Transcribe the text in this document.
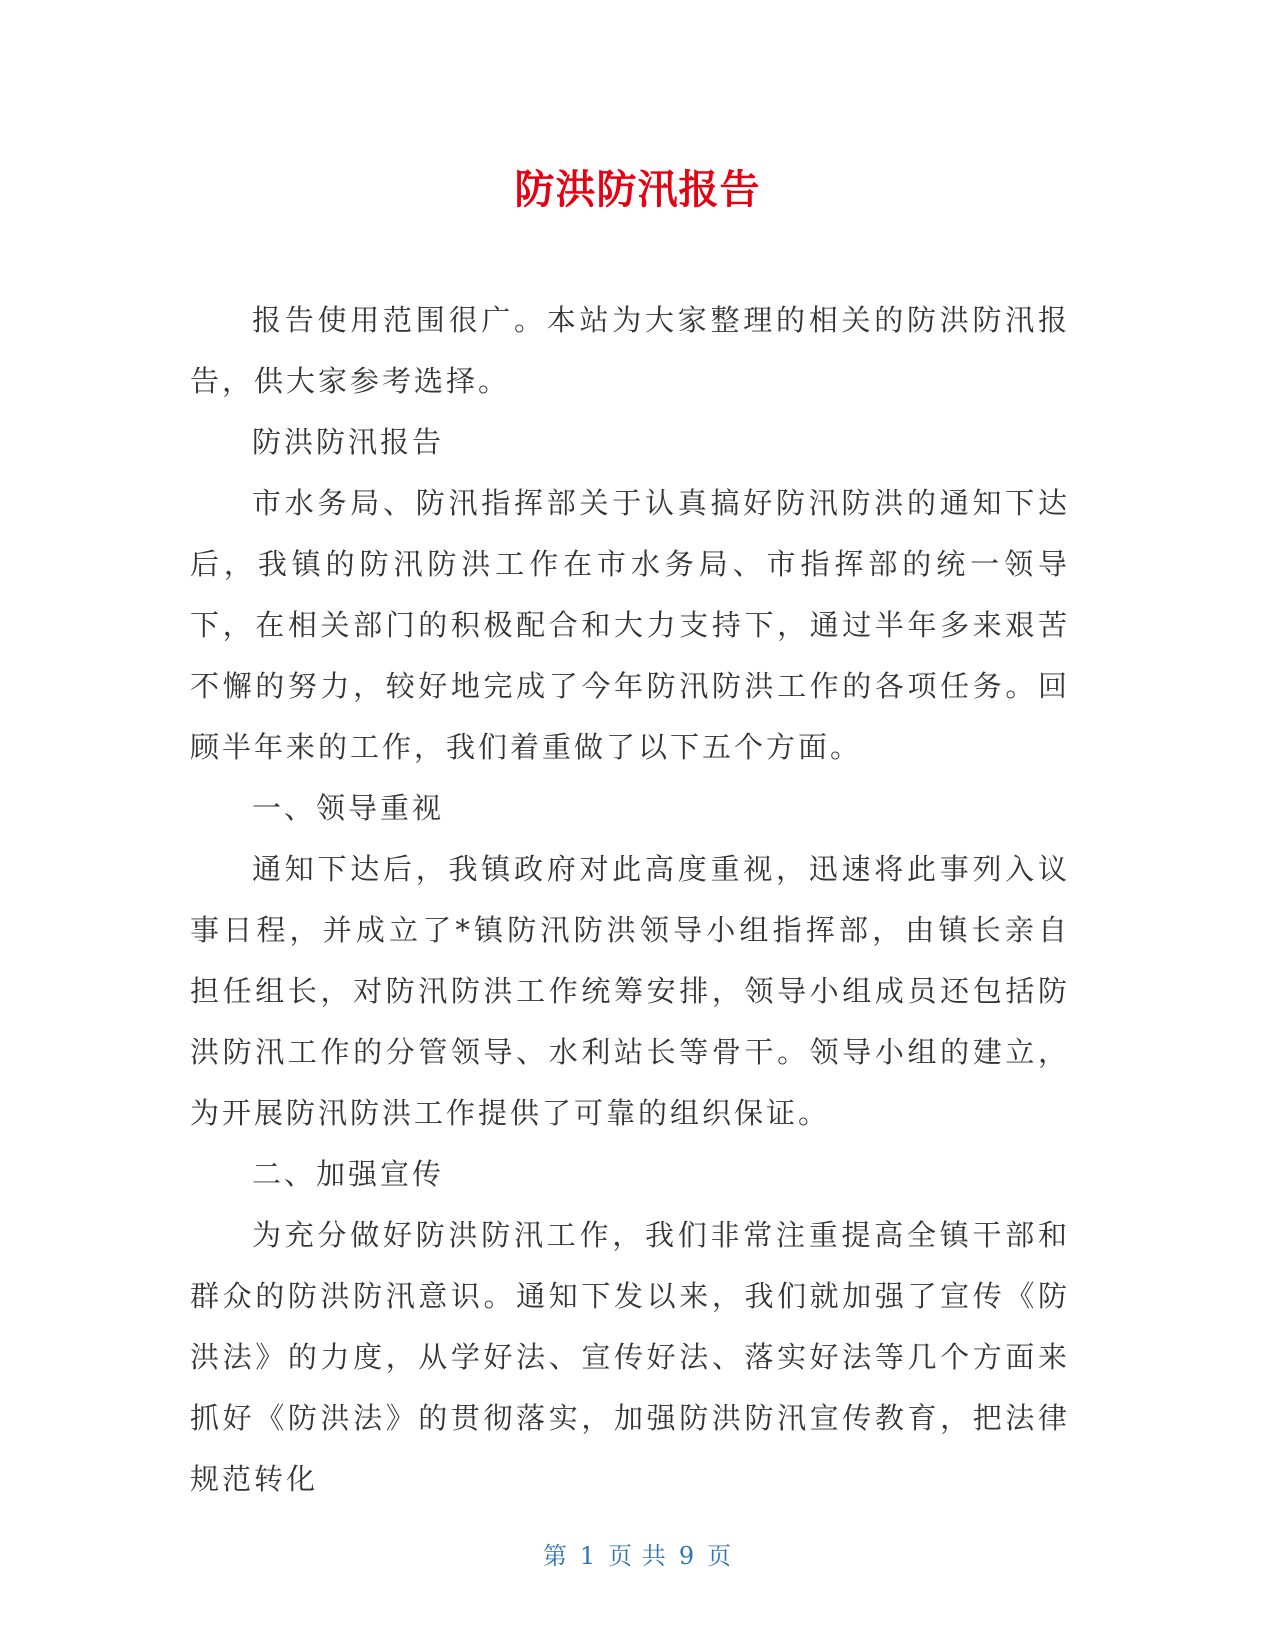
防洪防汛报告

报告使用范围很广。本站为大家整理的相关的防洪防汛报告，供大家参考选择。

防洪防汛报告

市水务局、防汛指挥部关于认真搞好防汛防洪的通知下达后，我镇的防汛防洪工作在市水务局、市指挥部的统一领导下，在相关部门的积极配合和大力支持下，通过半年多来艰苦不懈的努力，较好地完成了今年防汛防洪工作的各项任务。回顾半年来的工作，我们着重做了以下五个方面。

一、领导重视

通知下达后，我镇政府对此高度重视，迅速将此事列入议事日程，并成立了*镇防汛防洪领导小组指挥部，由镇长亲自担任组长，对防汛防洪工作统筹安排，领导小组成员还包括防洪防汛工作的分管领导、水利站长等骨干。领导小组的建立，为开展防汛防洪工作提供了可靠的组织保证。

二、加强宣传

为充分做好防洪防汛工作，我们非常注重提高全镇干部和群众的防洪防汛意识。通知下发以来，我们就加强了宣传《防洪法》的力度，从学好法、宣传好法、落实好法等几个方面来抓好《防洪法》的贯彻落实，加强防洪防汛宣传教育，把法律规范转化

第 1 页 共 9 页
